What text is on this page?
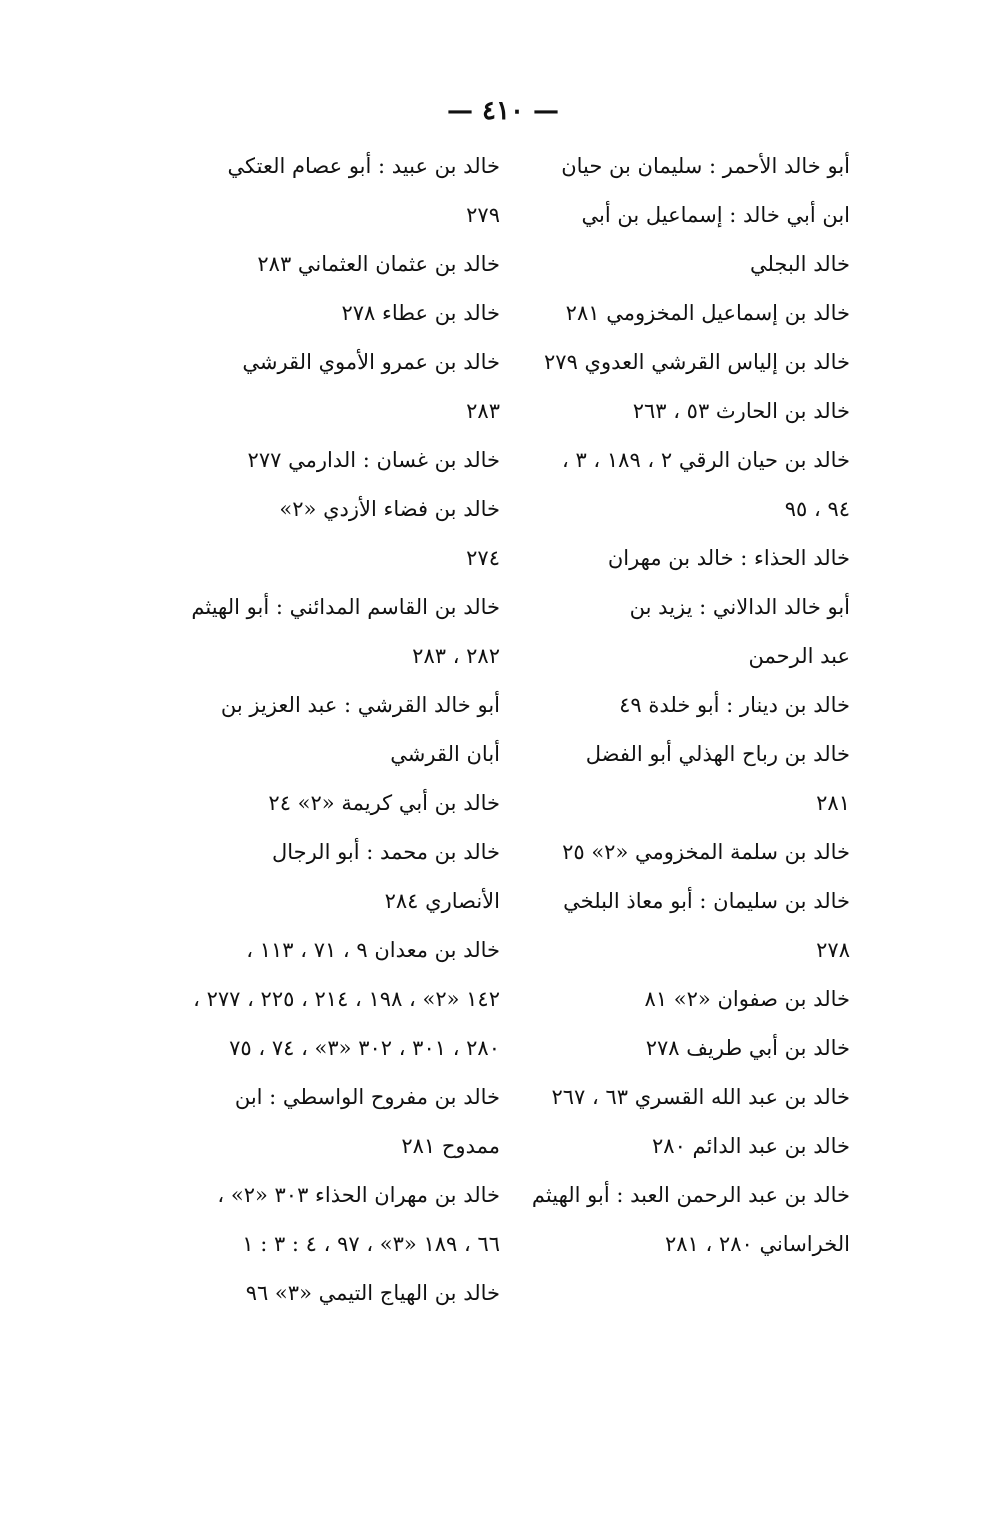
— ٤١٠ —
أبو خالد الأحمر : سليمان بن حيان
ابن أبي خالد : إسماعيل بن أبي
خالد البجلي
خالد بن إسماعيل المخزومي ٢٨١
خالد بن إلياس القرشي العدوي ٢٧٩
خالد بن الحارث ٥٣ ، ٢٦٣
خالد بن حيان الرقي ٢ ، ١٨٩ ، ٣ ،
٩٤ ، ٩٥
خالد الحذاء : خالد بن مهران
أبو خالد الدالاني : يزيد بن
عبد الرحمن
خالد بن دينار : أبو خلدة ٤٩
خالد بن رباح الهذلي أبو الفضل
٢٨١
خالد بن سلمة المخزومي «٢» ٢٥
خالد بن سليمان : أبو معاذ البلخي
٢٧٨
خالد بن صفوان «٢» ٨١
خالد بن أبي طريف ٢٧٨
خالد بن عبد الله القسري ٦٣ ، ٢٦٧
خالد بن عبد الدائم ٢٨٠
خالد بن عبد الرحمن العبد : أبو الهيثم
الخراساني ٢٨٠ ، ٢٨١
خالد بن عبيد : أبو عصام العتكي
٢٧٩
خالد بن عثمان العثماني ٢٨٣
خالد بن عطاء ٢٧٨
خالد بن عمرو الأموي القرشي
٢٨٣
خالد بن غسان : الدارمي ٢٧٧
خالد بن فضاء الأزدي «٢»
٢٧٤
خالد بن القاسم المدائني : أبو الهيثم
٢٨٢ ، ٢٨٣
أبو خالد القرشي : عبد العزيز بن
أبان القرشي
خالد بن أبي كريمة «٢» ٢٤
خالد بن محمد : أبو الرجال
الأنصاري ٢٨٤
خالد بن معدان ٩ ، ٧١ ، ١١٣ ،
١٤٢ «٢» ، ١٩٨ ، ٢١٤ ، ٢٢٥ ، ٢٧٧ ،
٢٨٠ ، ٣٠١ ، ٣٠٢ «٣» ، ٧٤ ، ٧٥
خالد بن مفروح الواسطي : ابن
ممدوح ٢٨١
خالد بن مهران الحذاء ٣٠٣ «٢» ،
٦٦ ، ١٨٩ «٣» ، ٩٧ ، ٤ : ٣ : ١
خالد بن الهياج التيمي «٣» ٩٦
